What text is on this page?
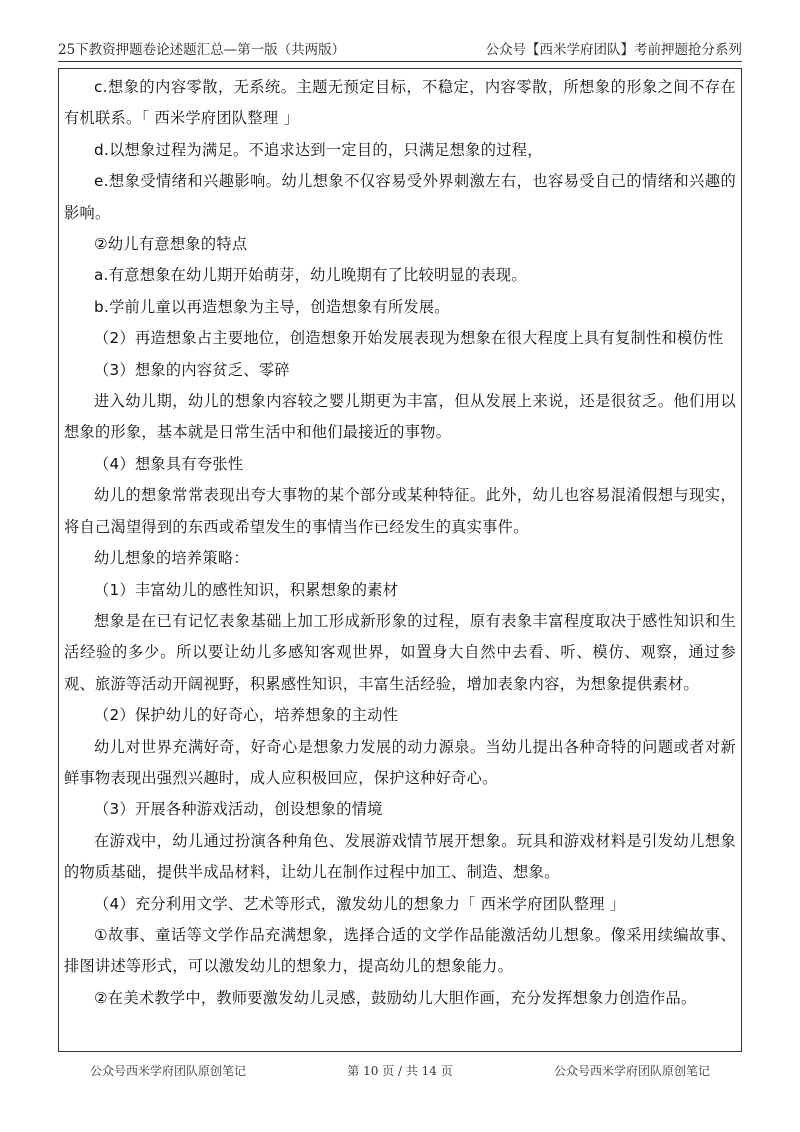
25下教资押题卷论述题汇总—第一版（共两版）	公众号【西米学府团队】考前押题抢分系列

c.想象的内容零散，无系统。主题无预定目标，不稳定，内容零散，所想象的形象之间不存在有机联系。「 西米学府团队整理 」

d.以想象过程为满足。不追求达到一定目的，只满足想象的过程，

e.想象受情绪和兴趣影响。幼儿想象不仅容易受外界刺激左右，也容易受自己的情绪和兴趣的影响。

②幼儿有意想象的特点

a.有意想象在幼儿期开始萌芽，幼儿晚期有了比较明显的表现。

b.学前儿童以再造想象为主导，创造想象有所发展。

（2）再造想象占主要地位，创造想象开始发展表现为想象在很大程度上具有复制性和模仿性

（3）想象的内容贫乏、零碎

进入幼儿期，幼儿的想象内容较之婴儿期更为丰富，但从发展上来说，还是很贫乏。他们用以想象的形象，基本就是日常生活中和他们最接近的事物。

（4）想象具有夸张性

幼儿的想象常常表现出夸大事物的某个部分或某种特征。此外，幼儿也容易混淆假想与现实，将自己渴望得到的东西或希望发生的事情当作已经发生的真实事件。

幼儿想象的培养策略：

（1）丰富幼儿的感性知识，积累想象的素材

想象是在已有记忆表象基础上加工形成新形象的过程，原有表象丰富程度取决于感性知识和生活经验的多少。所以要让幼儿多感知客观世界，如置身大自然中去看、听、模仿、观察，通过参观、旅游等活动开阔视野，积累感性知识，丰富生活经验，增加表象内容，为想象提供素材。

（2）保护幼儿的好奇心，培养想象的主动性

幼儿对世界充满好奇，好奇心是想象力发展的动力源泉。当幼儿提出各种奇特的问题或者对新鲜事物表现出强烈兴趣时，成人应积极回应，保护这种好奇心。

（3）开展各种游戏活动，创设想象的情境

在游戏中，幼儿通过扮演各种角色、发展游戏情节展开想象。玩具和游戏材料是引发幼儿想象的物质基础，提供半成品材料，让幼儿在制作过程中加工、制造、想象。

（4）充分利用文学、艺术等形式，激发幼儿的想象力「 西米学府团队整理 」

①故事、童话等文学作品充满想象，选择合适的文学作品能激活幼儿想象。像采用续编故事、排图讲述等形式，可以激发幼儿的想象力，提高幼儿的想象能力。

②在美术教学中，教师要激发幼儿灵感，鼓励幼儿大胆作画，充分发挥想象力创造作品。

公众号西米学府团队原创笔记	第 10 页 / 共 14 页	公众号西米学府团队原创笔记
